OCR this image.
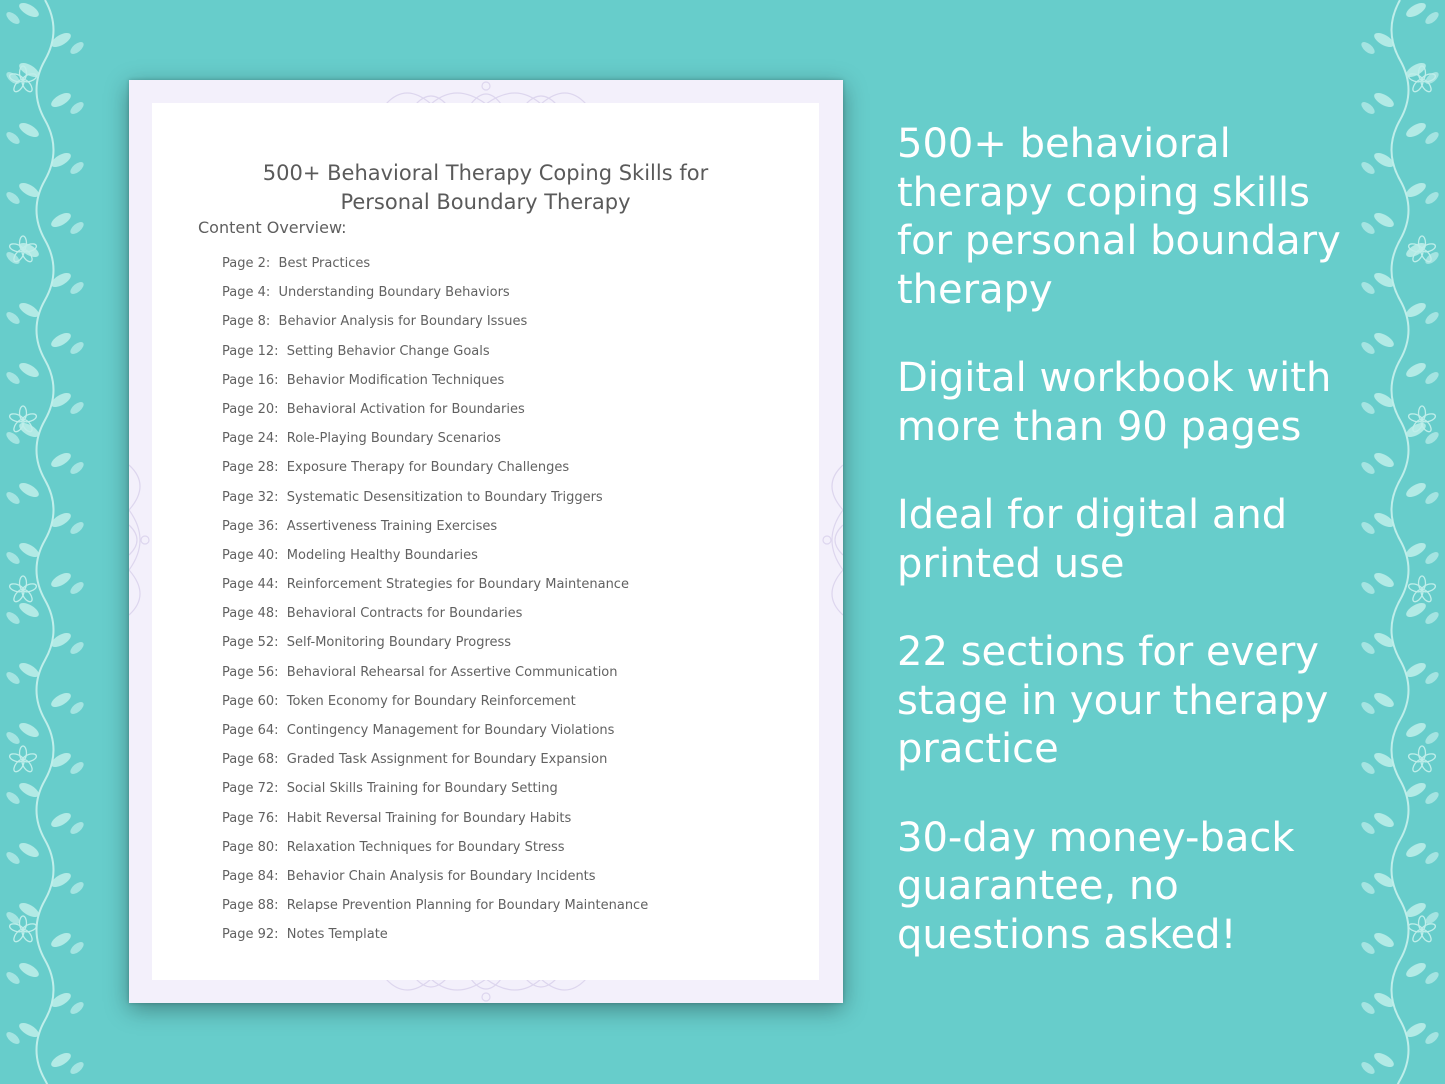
500+ Behavioral Therapy Coping Skills for
Personal Boundary Therapy
Content Overview:
Page 2: Best Practices
Page 4: Understanding Boundary Behaviors
Page 8: Behavior Analysis for Boundary Issues
Page 12: Setting Behavior Change Goals
Page 16: Behavior Modification Techniques
Page 20: Behavioral Activation for Boundaries
Page 24: Role-Playing Boundary Scenarios
Page 28: Exposure Therapy for Boundary Challenges
Page 32: Systematic Desensitization to Boundary Triggers
Page 36: Assertiveness Training Exercises
Page 40: Modeling Healthy Boundaries
Page 44: Reinforcement Strategies for Boundary Maintenance
Page 48: Behavioral Contracts for Boundaries
Page 52: Self-Monitoring Boundary Progress
Page 56: Behavioral Rehearsal for Assertive Communication
Page 60: Token Economy for Boundary Reinforcement
Page 64: Contingency Management for Boundary Violations
Page 68: Graded Task Assignment for Boundary Expansion
Page 72: Social Skills Training for Boundary Setting
Page 76: Habit Reversal Training for Boundary Habits
Page 80: Relaxation Techniques for Boundary Stress
Page 84: Behavior Chain Analysis for Boundary Incidents
Page 88: Relapse Prevention Planning for Boundary Maintenance
Page 92: Notes Template

500+ behavioral therapy coping skills for personal boundary therapy

Digital workbook with more than 90 pages

Ideal for digital and printed use

22 sections for every stage in your therapy practice

30-day money-back guarantee, no questions asked!
